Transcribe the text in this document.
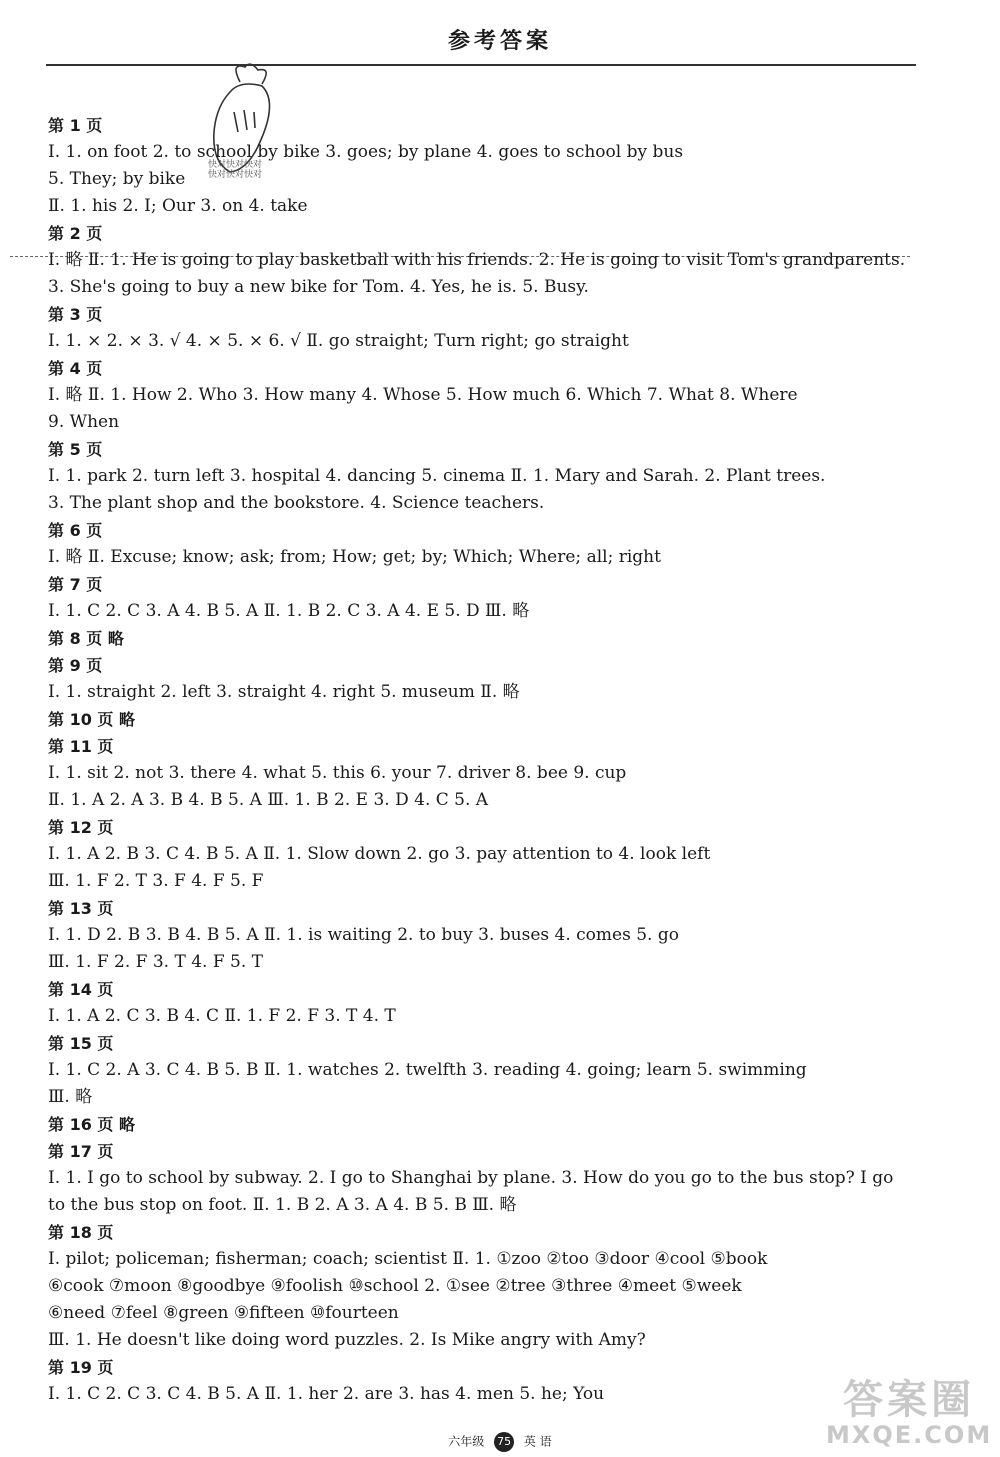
参考答案
快对快对快对
快对快对快对
第 1 页
Ⅰ. 1. on foot 2. to school by bike 3. goes; by plane 4. goes to school by bus
5. They; by bike
Ⅱ. 1. his 2. I; Our 3. on 4. take
第 2 页
Ⅰ. 略 Ⅱ. 1. He is going to play basketball with his friends. 2. He is going to visit Tom's grandparents.
3. She's going to buy a new bike for Tom. 4. Yes, he is. 5. Busy.
第 3 页
Ⅰ. 1. × 2. × 3. √ 4. × 5. × 6. √ Ⅱ. go straight; Turn right; go straight
第 4 页
Ⅰ. 略 Ⅱ. 1. How 2. Who 3. How many 4. Whose 5. How much 6. Which 7. What 8. Where
9. When
第 5 页
Ⅰ. 1. park 2. turn left 3. hospital 4. dancing 5. cinema Ⅱ. 1. Mary and Sarah. 2. Plant trees.
3. The plant shop and the bookstore. 4. Science teachers.
第 6 页
Ⅰ. 略 Ⅱ. Excuse; know; ask; from; How; get; by; Which; Where; all; right
第 7 页
Ⅰ. 1. C 2. C 3. A 4. B 5. A Ⅱ. 1. B 2. C 3. A 4. E 5. D Ⅲ. 略
第 8 页 略
第 9 页
Ⅰ. 1. straight 2. left 3. straight 4. right 5. museum Ⅱ. 略
第 10 页 略
第 11 页
Ⅰ. 1. sit 2. not 3. there 4. what 5. this 6. your 7. driver 8. bee 9. cup
Ⅱ. 1. A 2. A 3. B 4. B 5. A Ⅲ. 1. B 2. E 3. D 4. C 5. A
第 12 页
Ⅰ. 1. A 2. B 3. C 4. B 5. A Ⅱ. 1. Slow down 2. go 3. pay attention to 4. look left
Ⅲ. 1. F 2. T 3. F 4. F 5. F
第 13 页
Ⅰ. 1. D 2. B 3. B 4. B 5. A Ⅱ. 1. is waiting 2. to buy 3. buses 4. comes 5. go
Ⅲ. 1. F 2. F 3. T 4. F 5. T
第 14 页
Ⅰ. 1. A 2. C 3. B 4. C Ⅱ. 1. F 2. F 3. T 4. T
第 15 页
Ⅰ. 1. C 2. A 3. C 4. B 5. B Ⅱ. 1. watches 2. twelfth 3. reading 4. going; learn 5. swimming
Ⅲ. 略
第 16 页 略
第 17 页
Ⅰ. 1. I go to school by subway. 2. I go to Shanghai by plane. 3. How do you go to the bus stop? I go
to the bus stop on foot. Ⅱ. 1. B 2. A 3. A 4. B 5. B Ⅲ. 略
第 18 页
Ⅰ. pilot; policeman; fisherman; coach; scientist Ⅱ. 1. ①zoo ②too ③door ④cool ⑤book
⑥cook ⑦moon ⑧goodbye ⑨foolish ⑩school 2. ①see ②tree ③three ④meet ⑤week
⑥need ⑦feel ⑧green ⑨fifteen ⑩fourteen
Ⅲ. 1. He doesn't like doing word puzzles. 2. Is Mike angry with Amy?
第 19 页
Ⅰ. 1. C 2. C 3. C 4. B 5. A Ⅱ. 1. her 2. are 3. has 4. men 5. he; You
六年级 75 英 语
答案圈
MXQE.COM
